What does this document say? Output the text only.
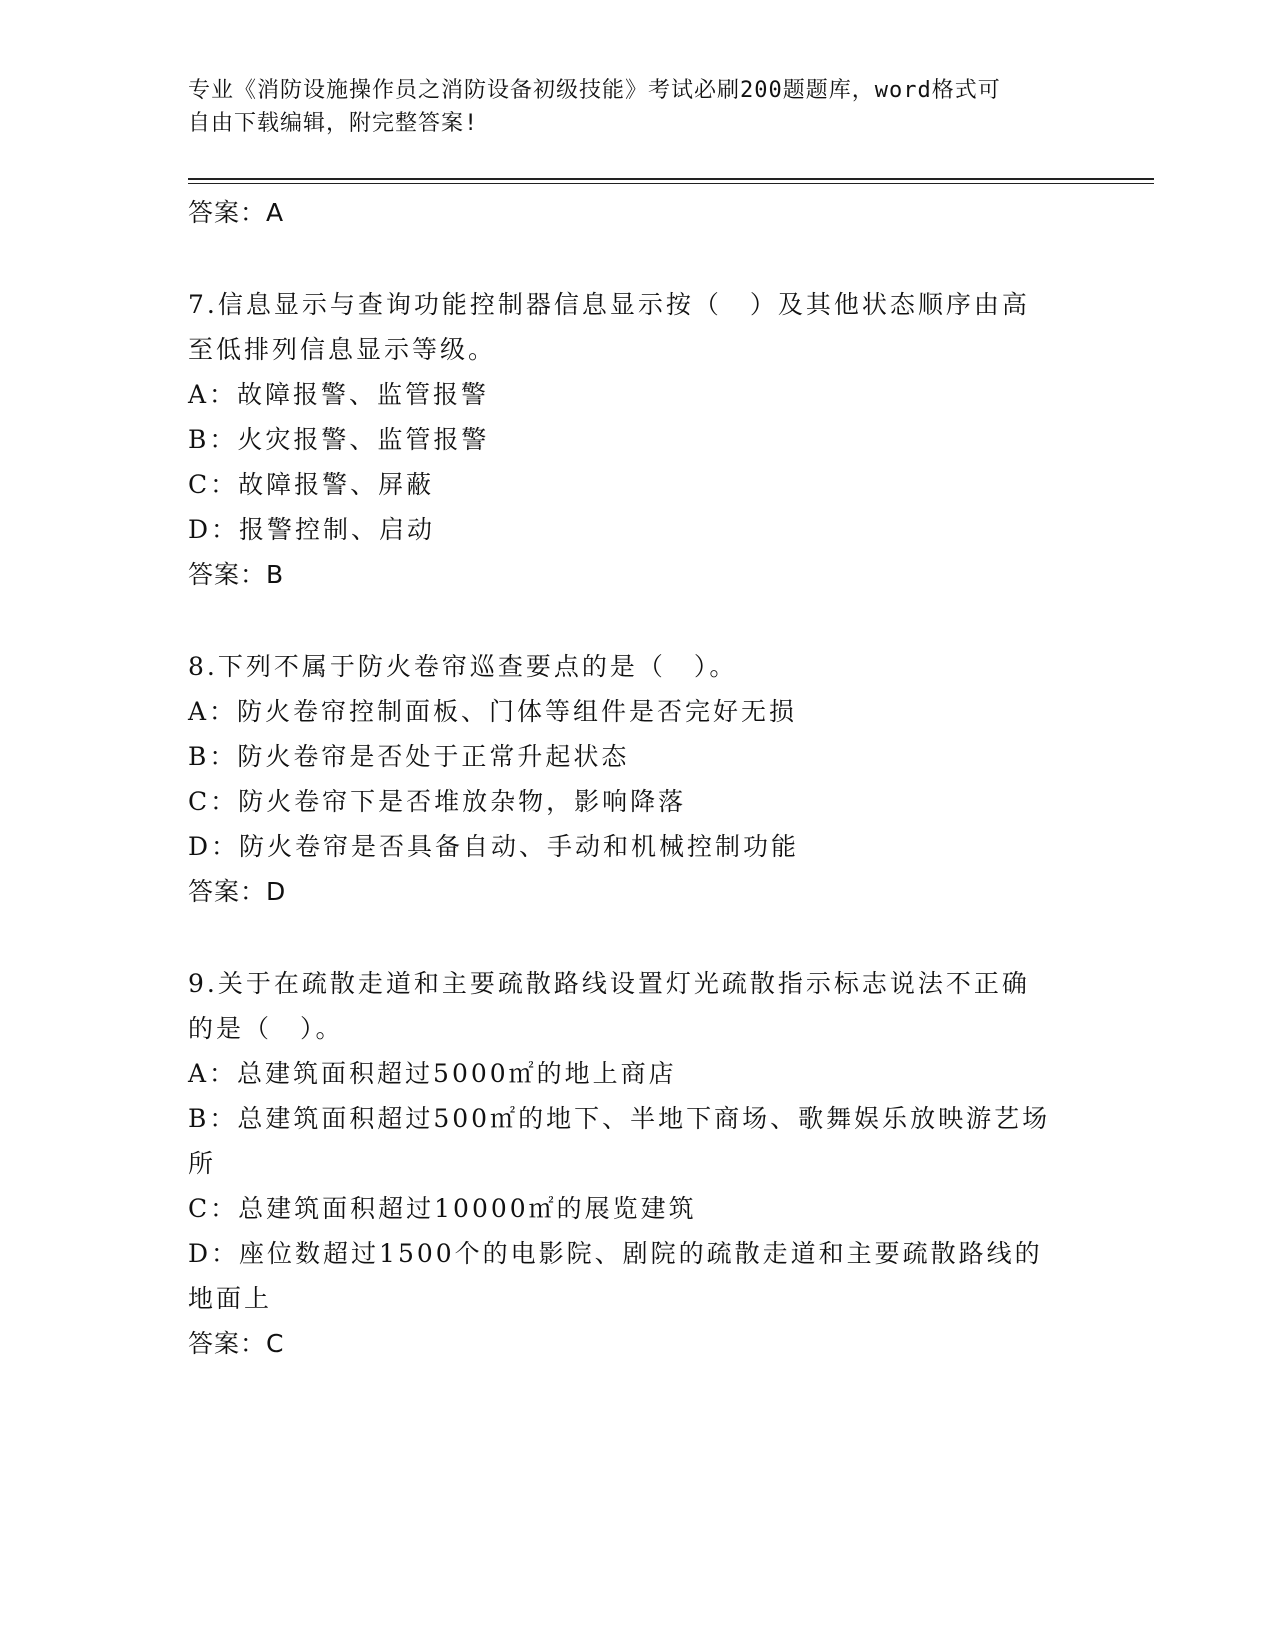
专业《消防设施操作员之消防设备初级技能》考试必刷200题题库，word格式可
自由下载编辑，附完整答案!
答案：A
7.信息显示与查询功能控制器信息显示按（　）及其他状态顺序由高
至低排列信息显示等级。
A：故障报警、监管报警
B：火灾报警、监管报警
C：故障报警、屏蔽
D：报警控制、启动
答案：B
8.下列不属于防火卷帘巡查要点的是（　）。
A：防火卷帘控制面板、门体等组件是否完好无损
B：防火卷帘是否处于正常升起状态
C：防火卷帘下是否堆放杂物，影响降落
D：防火卷帘是否具备自动、手动和机械控制功能
答案：D
9.关于在疏散走道和主要疏散路线设置灯光疏散指示标志说法不正确
的是（　）。
A：总建筑面积超过5000㎡的地上商店
B：总建筑面积超过500㎡的地下、半地下商场、歌舞娱乐放映游艺场
所
C：总建筑面积超过10000㎡的展览建筑
D：座位数超过1500个的电影院、剧院的疏散走道和主要疏散路线的
地面上
答案：C
